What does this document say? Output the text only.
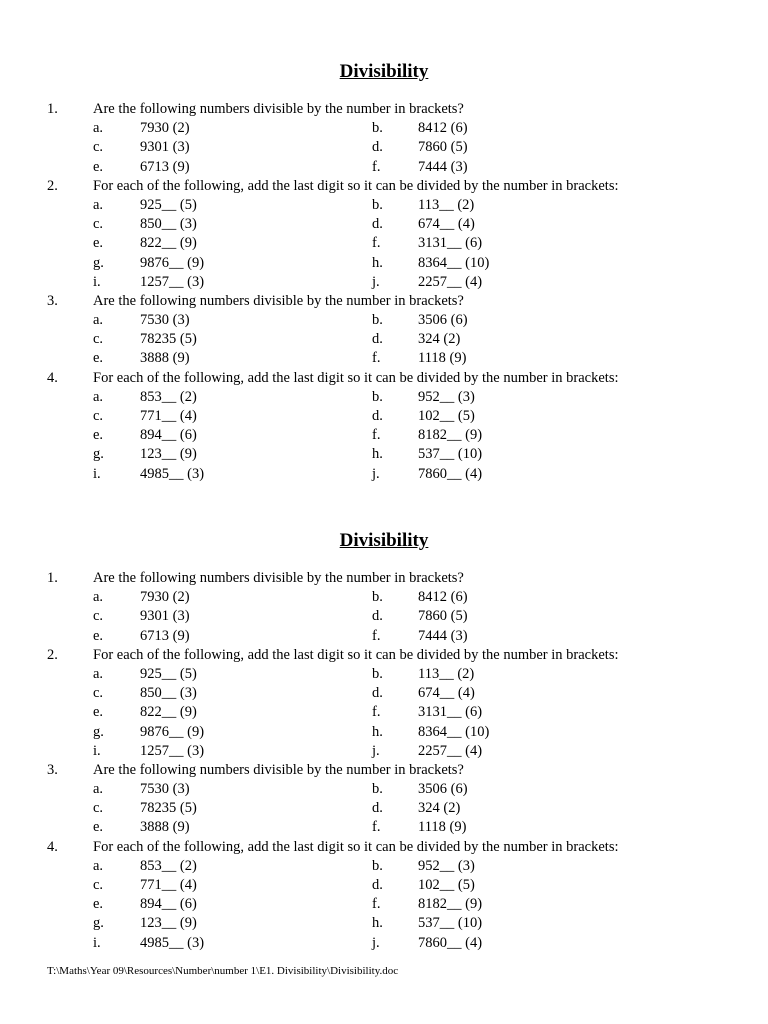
Divisibility
1. Are the following numbers divisible by the number in brackets?
a.	7930 (2)	b. 8412 (6)
c.	9301 (3)	d. 7860 (5)
e.	6713 (9)	f.	7444 (3)
2. For each of the following, add the last digit so it can be divided by the number in brackets:
a.	925__ (5)	b. 113__ (2)
c.	850__ (3)	d. 674__ (4)
e.	822__ (9)	f.	3131__ (6)
g. 9876__ (9)	h. 8364__ (10)
i.	1257__ (3)	j.	2257__ (4)
3. Are the following numbers divisible by the number in brackets?
a.	7530 (3)	b. 3506 (6)
c.	78235 (5)	d. 324 (2)
e.	3888 (9)	f.	1118 (9)
4. For each of the following, add the last digit so it can be divided by the number in brackets:
a.	853__ (2)	b. 952__ (3)
c.	771__ (4)	d. 102__ (5)
e.	894__ (6)	f.	8182__ (9)
g. 123__ (9)	h. 537__ (10)
i.	4985__ (3)	j.	7860__ (4)
Divisibility
1. Are the following numbers divisible by the number in brackets?
a.	7930 (2)	b. 8412 (6)
c.	9301 (3)	d. 7860 (5)
e.	6713 (9)	f.	7444 (3)
2. For each of the following, add the last digit so it can be divided by the number in brackets:
a.	925__ (5)	b. 113__ (2)
c.	850__ (3)	d. 674__ (4)
e.	822__ (9)	f.	3131__ (6)
g. 9876__ (9)	h. 8364__ (10)
i.	1257__ (3)	j.	2257__ (4)
3. Are the following numbers divisible by the number in brackets?
a.	7530 (3)	b. 3506 (6)
c.	78235 (5)	d. 324 (2)
e.	3888 (9)	f.	1118 (9)
4. For each of the following, add the last digit so it can be divided by the number in brackets:
a.	853__ (2)	b. 952__ (3)
c.	771__ (4)	d. 102__ (5)
e.	894__ (6)	f.	8182__ (9)
g. 123__ (9)	h. 537__ (10)
i.	4985__ (3)	j.	7860__ (4)
T:\Maths\Year 09\Resources\Number\number 1\E1. Divisibility\Divisibility.doc
